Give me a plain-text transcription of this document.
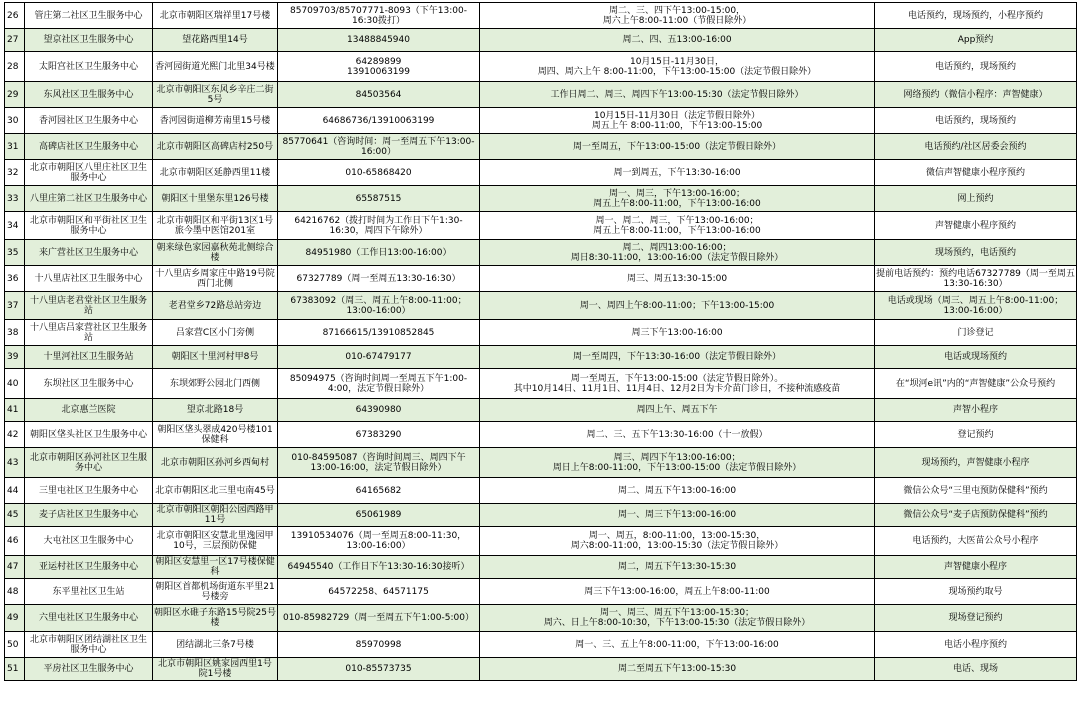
26	管庄第二社区卫生服务中心	北京市朝阳区瑞祥里17号楼	85709703/85707771-8093（下午13:00-16:30拨打）	周二、三、四下午13:00-15:00，
周六上午8:00-11:00（节假日除外）	电话预约，现场预约，小程序预约
27	望京社区卫生服务中心	望花路西里14号	13488845940	周二、四、五13:00-16:00	App预约
28	太阳宫社区卫生服务中心	香河园街道光熙门北里34号楼	64289899
13910063199	10月15日-11月30日，
周四、周六上午 8:00-11:00，下午13:00-15:00（法定节假日除外）	电话预约，现场预约
29	东风社区卫生服务中心	北京市朝阳区东风乡辛庄二街5号	84503564	工作日周二、周三、周四下午13:00-15:30（法定节假日除外）	网络预约（微信小程序：声智健康）
30	香河园社区卫生服务中心	香河园街道柳芳南里15号楼	64686736/13910063199	10月15日-11月30日（法定节假日除外）
周五上午 8:00-11:00，下午13:00-15:00	电话预约，现场预约
31	高碑店社区卫生服务中心	北京市朝阳区高碑店村250号	85770641（咨询时间：周一至周五下午13:00-16:00）	周一至周五，下午13:00-15:00（法定节假日除外）	电话预约/社区居委会预约
32	北京市朝阳区八里庄社区卫生服务中心	北京市朝阳区延静西里11楼	010-65868420	周一到周五，下午13:30-16:00	微信声智健康小程序预约
33	八里庄第二社区卫生服务中心	朝阳区十里堡东里126号楼	65587515	周一、周三，下午13:00-16:00；
周五上午8:00-11:00，下午13:00-16:00	网上预约
34	北京市朝阳区和平街社区卫生服务中心	北京市朝阳区和平街13区1号旅今墨中医馆201室	64216762（拨打时间为工作日下午1:30-16:30，周四下午除外）	周一、周二、周三，下午13:00-16:00；
周五上午8:00-11:00，下午13:00-16:00	声智健康小程序预约
35	来广营社区卫生服务中心	朝来绿色家园嘉秋苑北侧综合楼	84951980（工作日13:00-16:00）	周二、周四13:00-16:00；
周日8:30-11:00，13:00-16:00（法定节假日除外）	现场预约，电话预约
36	十八里店社区卫生服务中心	十八里店乡周家庄中路19号院西门北侧	67327789（周一至周五13:30-16:30）	周三、周五13:30-15:00	提前电话预约：预约电话67327789（周一至周五13:30-16:30）
37	十八里店老君堂社区卫生服务站	老君堂乡72路总站旁边	67383092（周三、周五上午8:00-11:00；13:00-16:00）	周一、周四上午8:00-11:00；下午13:00-15:00	电话或现场（周三、周五上午8:00-11:00；13:00-16:00）
38	十八里店吕家营社区卫生服务站	吕家营C区小门旁侧	87166615/13910852845	周三下午13:00-16:00	门诊登记
39	十里河社区卫生服务站	朝阳区十里河村甲8号	010-67479177	周一至周四，下午13:30-16:00（法定节假日除外）	电话或现场预约
40	东坝社区卫生服务中心	东坝郊野公园北门西侧	85094975（咨询时间周一至周五下午1:00-4:00，法定节假日除外）	周一至周五，下午13:00-15:00（法定节假日除外）。
其中10月14日、11月1日、11月4日、12月2日为卡介苗门诊日，不接种流感疫苗	在“坝河e讯”内的“声智健康”公众号预约
41	北京惠兰医院	望京北路18号	64390980	周四上午、周五下午	声智小程序
42	朝阳区垡头社区卫生服务中心	朝阳区垡头翠成420号楼101保健科	67383290	周二、三、五下午13:30-16:00（十一放假）	登记预约
43	北京市朝阳区孙河社区卫生服务中心	北京市朝阳区孙河乡西甸村	010-84595087（咨询时间周三、周四下午13:00-16:00，法定节假日除外）	周三、周四下午13:00-16:00；
周日上午8:00-11:00，下午13:00-15:00（法定节假日除外）	现场预约，声智健康小程序
44	三里屯社区卫生服务中心	北京市朝阳区北三里屯南45号	64165682	周二、周五下午13:00-16:00	微信公众号“三里屯预防保健科”预约
45	麦子店社区卫生服务中心	北京市朝阳区朝阳公园西路甲11号	65061989	周一、周三下午13:00-16:00	微信公众号“麦子店预防保健科”预约
46	大屯社区卫生服务中心	北京市朝阳区安慧北里逸园甲10号，三层预防保健	13910534076（周一至周五8:00-11:30，13:00-16:00）	周一、周五，8:00-11:00，13:00-15:30，
周六8:00-11:00，13:00-15:30（法定节假日除外）	电话预约，大医苗公众号小程序
47	亚运村社区卫生服务中心	朝阳区安慧里一区17号楼保健科	64945540（工作日下午13:30-16:30接听）	周二，周五下午13:30-15:30	声智健康小程序
48	东平里社区卫生站	朝阳区首都机场街道东平里21号楼旁	64572258、64571175	周三下午13:00-16:00，周五上午8:00-11:00	现场预约取号
49	六里屯社区卫生服务中心	朝阳区水碓子东路15号院25号楼	010-85982729（周一至周五下午1:00-5:00）	周一、周三、周五下午13:00-15:30；
周六、日上午8:00-10:30，下午13:00-15:30（法定节假日除外）	现场登记预约
50	北京市朝阳区团结湖社区卫生服务中心	团结湖北三条7号楼	85970998	周一、三、五上午8:00-11:00，下午13:00-16:00	电话小程序预约
51	平房社区卫生服务中心	北京市朝阳区姚家园西里1号院1号楼	010-85573735	周二至周五下午13:00-15:30	电话、现场
